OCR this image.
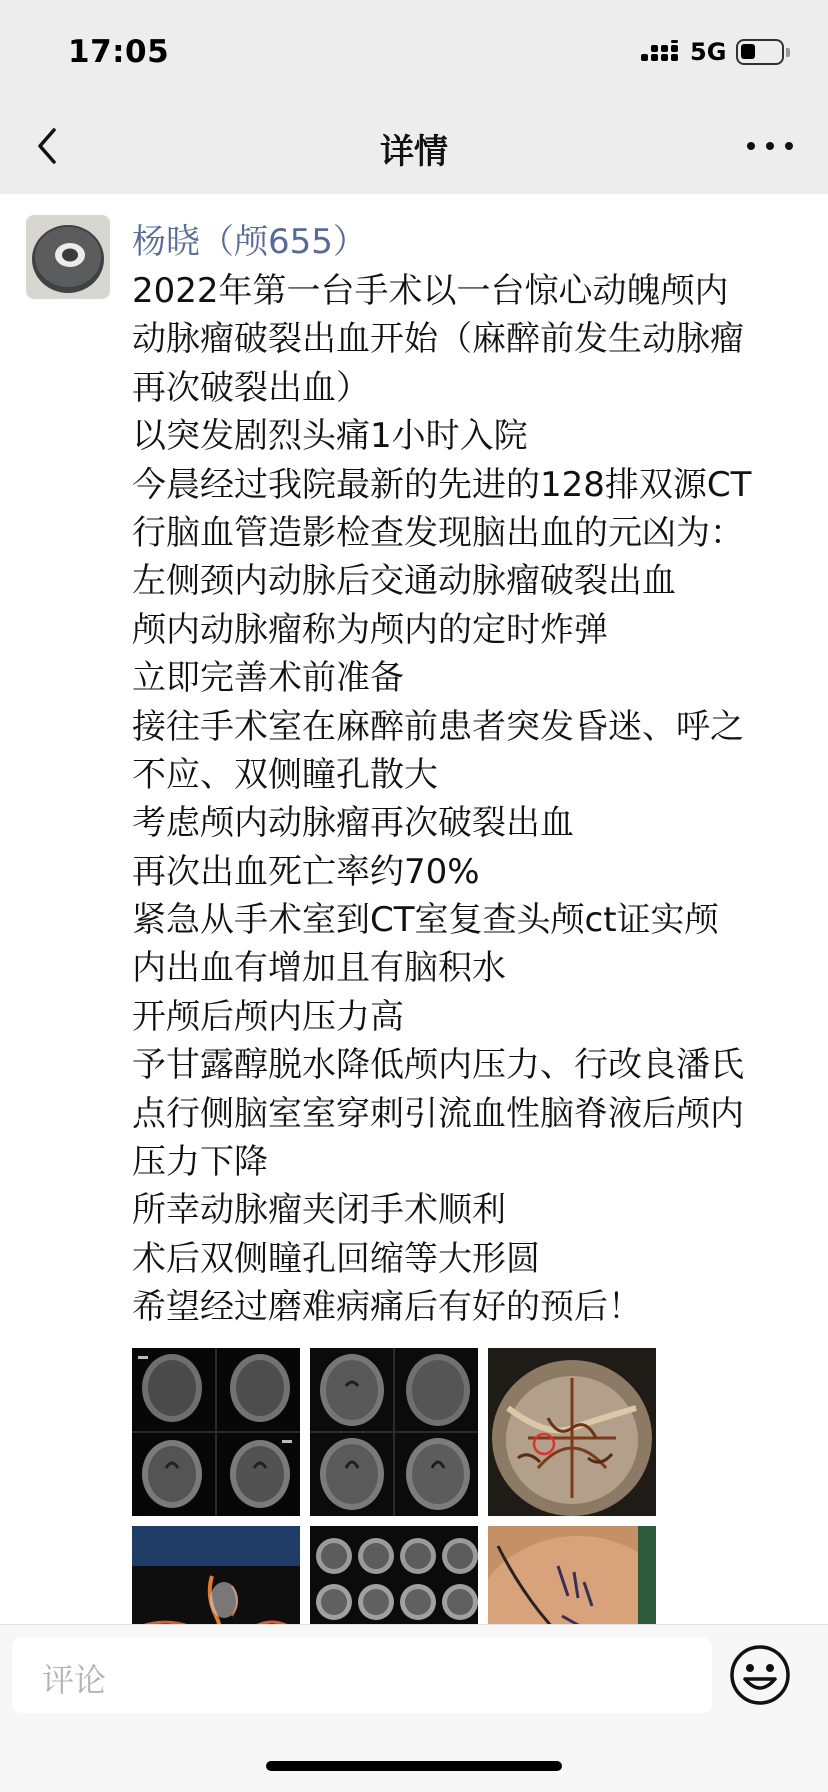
17:05	5G
详情
杨晓（颅655）
2022年第一台手术以一台惊心动魄颅内
动脉瘤破裂出血开始（麻醉前发生动脉瘤
再次破裂出血）
以突发剧烈头痛1小时入院
今晨经过我院最新的先进的128排双源CT
行脑血管造影检查发现脑出血的元凶为：
左侧颈内动脉后交通动脉瘤破裂出血
颅内动脉瘤称为颅内的定时炸弹
立即完善术前准备
接往手术室在麻醉前患者突发昏迷、呼之
不应、双侧瞳孔散大
考虑颅内动脉瘤再次破裂出血
再次出血死亡率约70%
紧急从手术室到CT室复查头颅ct证实颅
内出血有增加且有脑积水
开颅后颅内压力高
予甘露醇脱水降低颅内压力、行改良潘氏
点行侧脑室室穿刺引流血性脑脊液后颅内
压力下降
所幸动脉瘤夹闭手术顺利
术后双侧瞳孔回缩等大形圆
希望经过磨难病痛后有好的预后！
评论
